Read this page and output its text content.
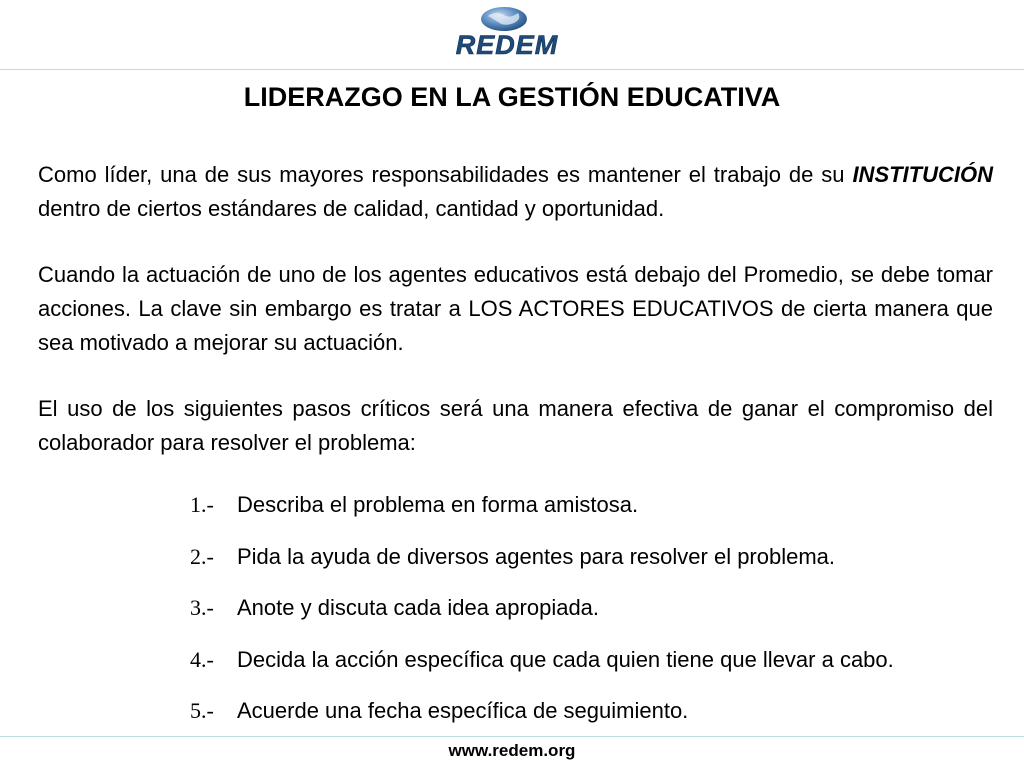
REDEM
LIDERAZGO EN LA GESTIÓN EDUCATIVA

Como líder, una de sus mayores responsabilidades es mantener el trabajo de su INSTITUCIÓN dentro de ciertos estándares de calidad, cantidad y oportunidad.

Cuando la actuación de uno de los agentes educativos está debajo del Promedio, se debe tomar acciones. La clave sin embargo es tratar a LOS ACTORES EDUCATIVOS de cierta manera que sea motivado a mejorar su actuación.

El uso de los siguientes pasos críticos será una manera efectiva de ganar el compromiso del colaborador para resolver el problema:

1.- Describa el problema en forma amistosa.
2.- Pida la ayuda de diversos agentes para resolver el problema.
3.- Anote y discuta cada idea apropiada.
4.- Decida la acción específica que cada quien tiene que llevar a cabo.
5.- Acuerde una fecha específica de seguimiento.
www.redem.org
